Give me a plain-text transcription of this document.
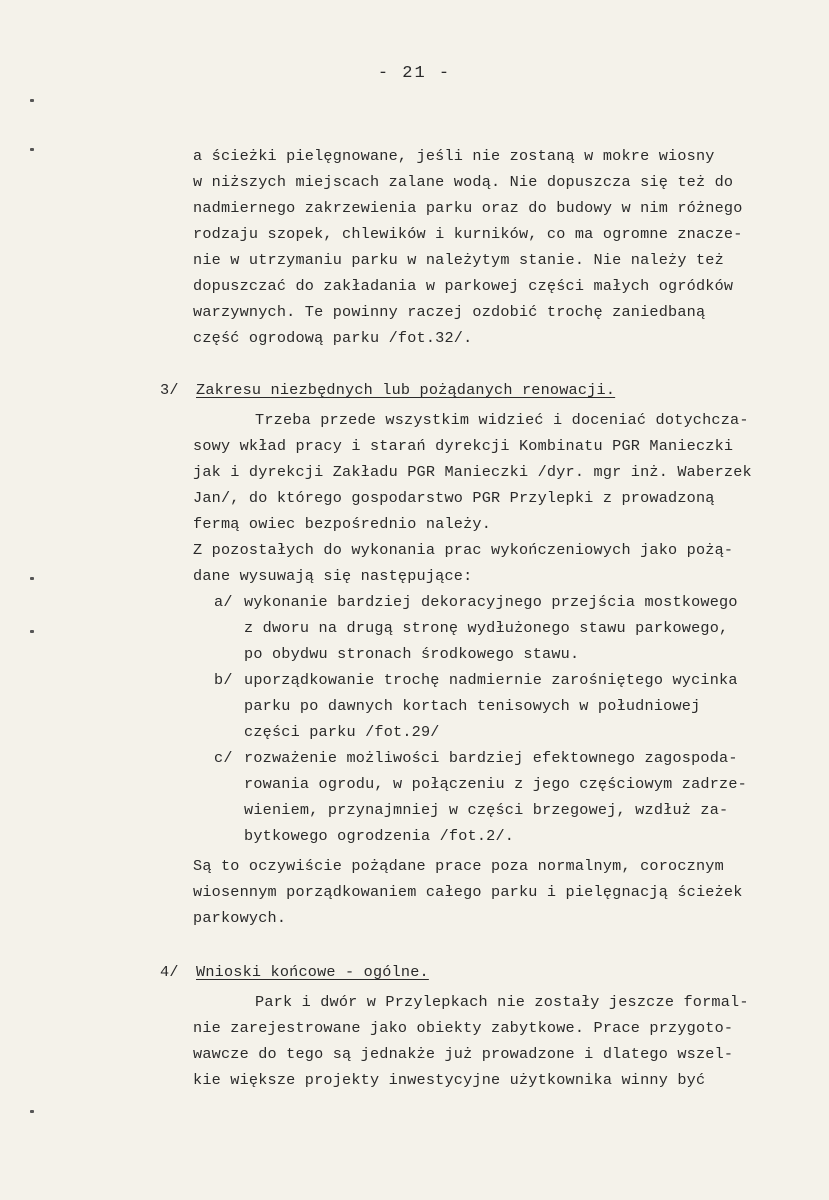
- 21 -
a ścieżki pielęgnowane, jeśli nie zostaną w mokre wiosny
w niższych miejscach zalane wodą. Nie dopuszcza się też do
nadmiernego zakrzewienia parku oraz do budowy w nim różnego
rodzaju szopek, chlewików i kurników, co ma ogromne znacze-
nie w utrzymaniu parku w należytym stanie. Nie należy też
dopuszczać do zakładania w parkowej części małych ogródków
warzywnych. Te powinny raczej ozdobić trochę zaniedbaną
część ogrodową parku /fot.32/.
3/ Zakresu niezbędnych lub pożądanych renowacji.
Trzeba przede wszystkim widzieć i doceniać dotychcza-
sowy wkład pracy i starań dyrekcji Kombinatu PGR Manieczki
jak i dyrekcji Zakładu PGR Manieczki /dyr. mgr inż. Waberzek
Jan/, do którego gospodarstwo PGR Przylepki z prowadzoną
fermą owiec bezpośrednio należy.
Z pozostałych do wykonania prac wykończeniowych jako pożą-
dane wysuwają się następujące:
a/ wykonanie bardziej dekoracyjnego przejścia mostkowego
z dworu na drugą stronę wydłużonego stawu parkowego,
po obydwu stronach środkowego stawu.
b/ uporządkowanie trochę nadmiernie zarośniętego wycinka
parku po dawnych kortach tenisowych w południowej
części parku /fot.29/
c/ rozważenie możliwości bardziej efektownego zagospoda-
rowania ogrodu, w połączeniu z jego częściowym zadrze-
wieniem, przynajmniej w części brzegowej, wzdłuż za-
bytkowego ogrodzenia /fot.2/.
Są to oczywiście pożądane prace poza normalnym, corocznym
wiosennym porządkowaniem całego parku i pielęgnacją ścieżek
parkowych.
4/ Wnioski końcowe - ogólne.
Park i dwór w Przylepkach nie zostały jeszcze formal-
nie zarejestrowane jako obiekty zabytkowe. Prace przygoto-
wawcze do tego są jednakże już prowadzone i dlatego wszel-
kie większe projekty inwestycyjne użytkownika winny być
